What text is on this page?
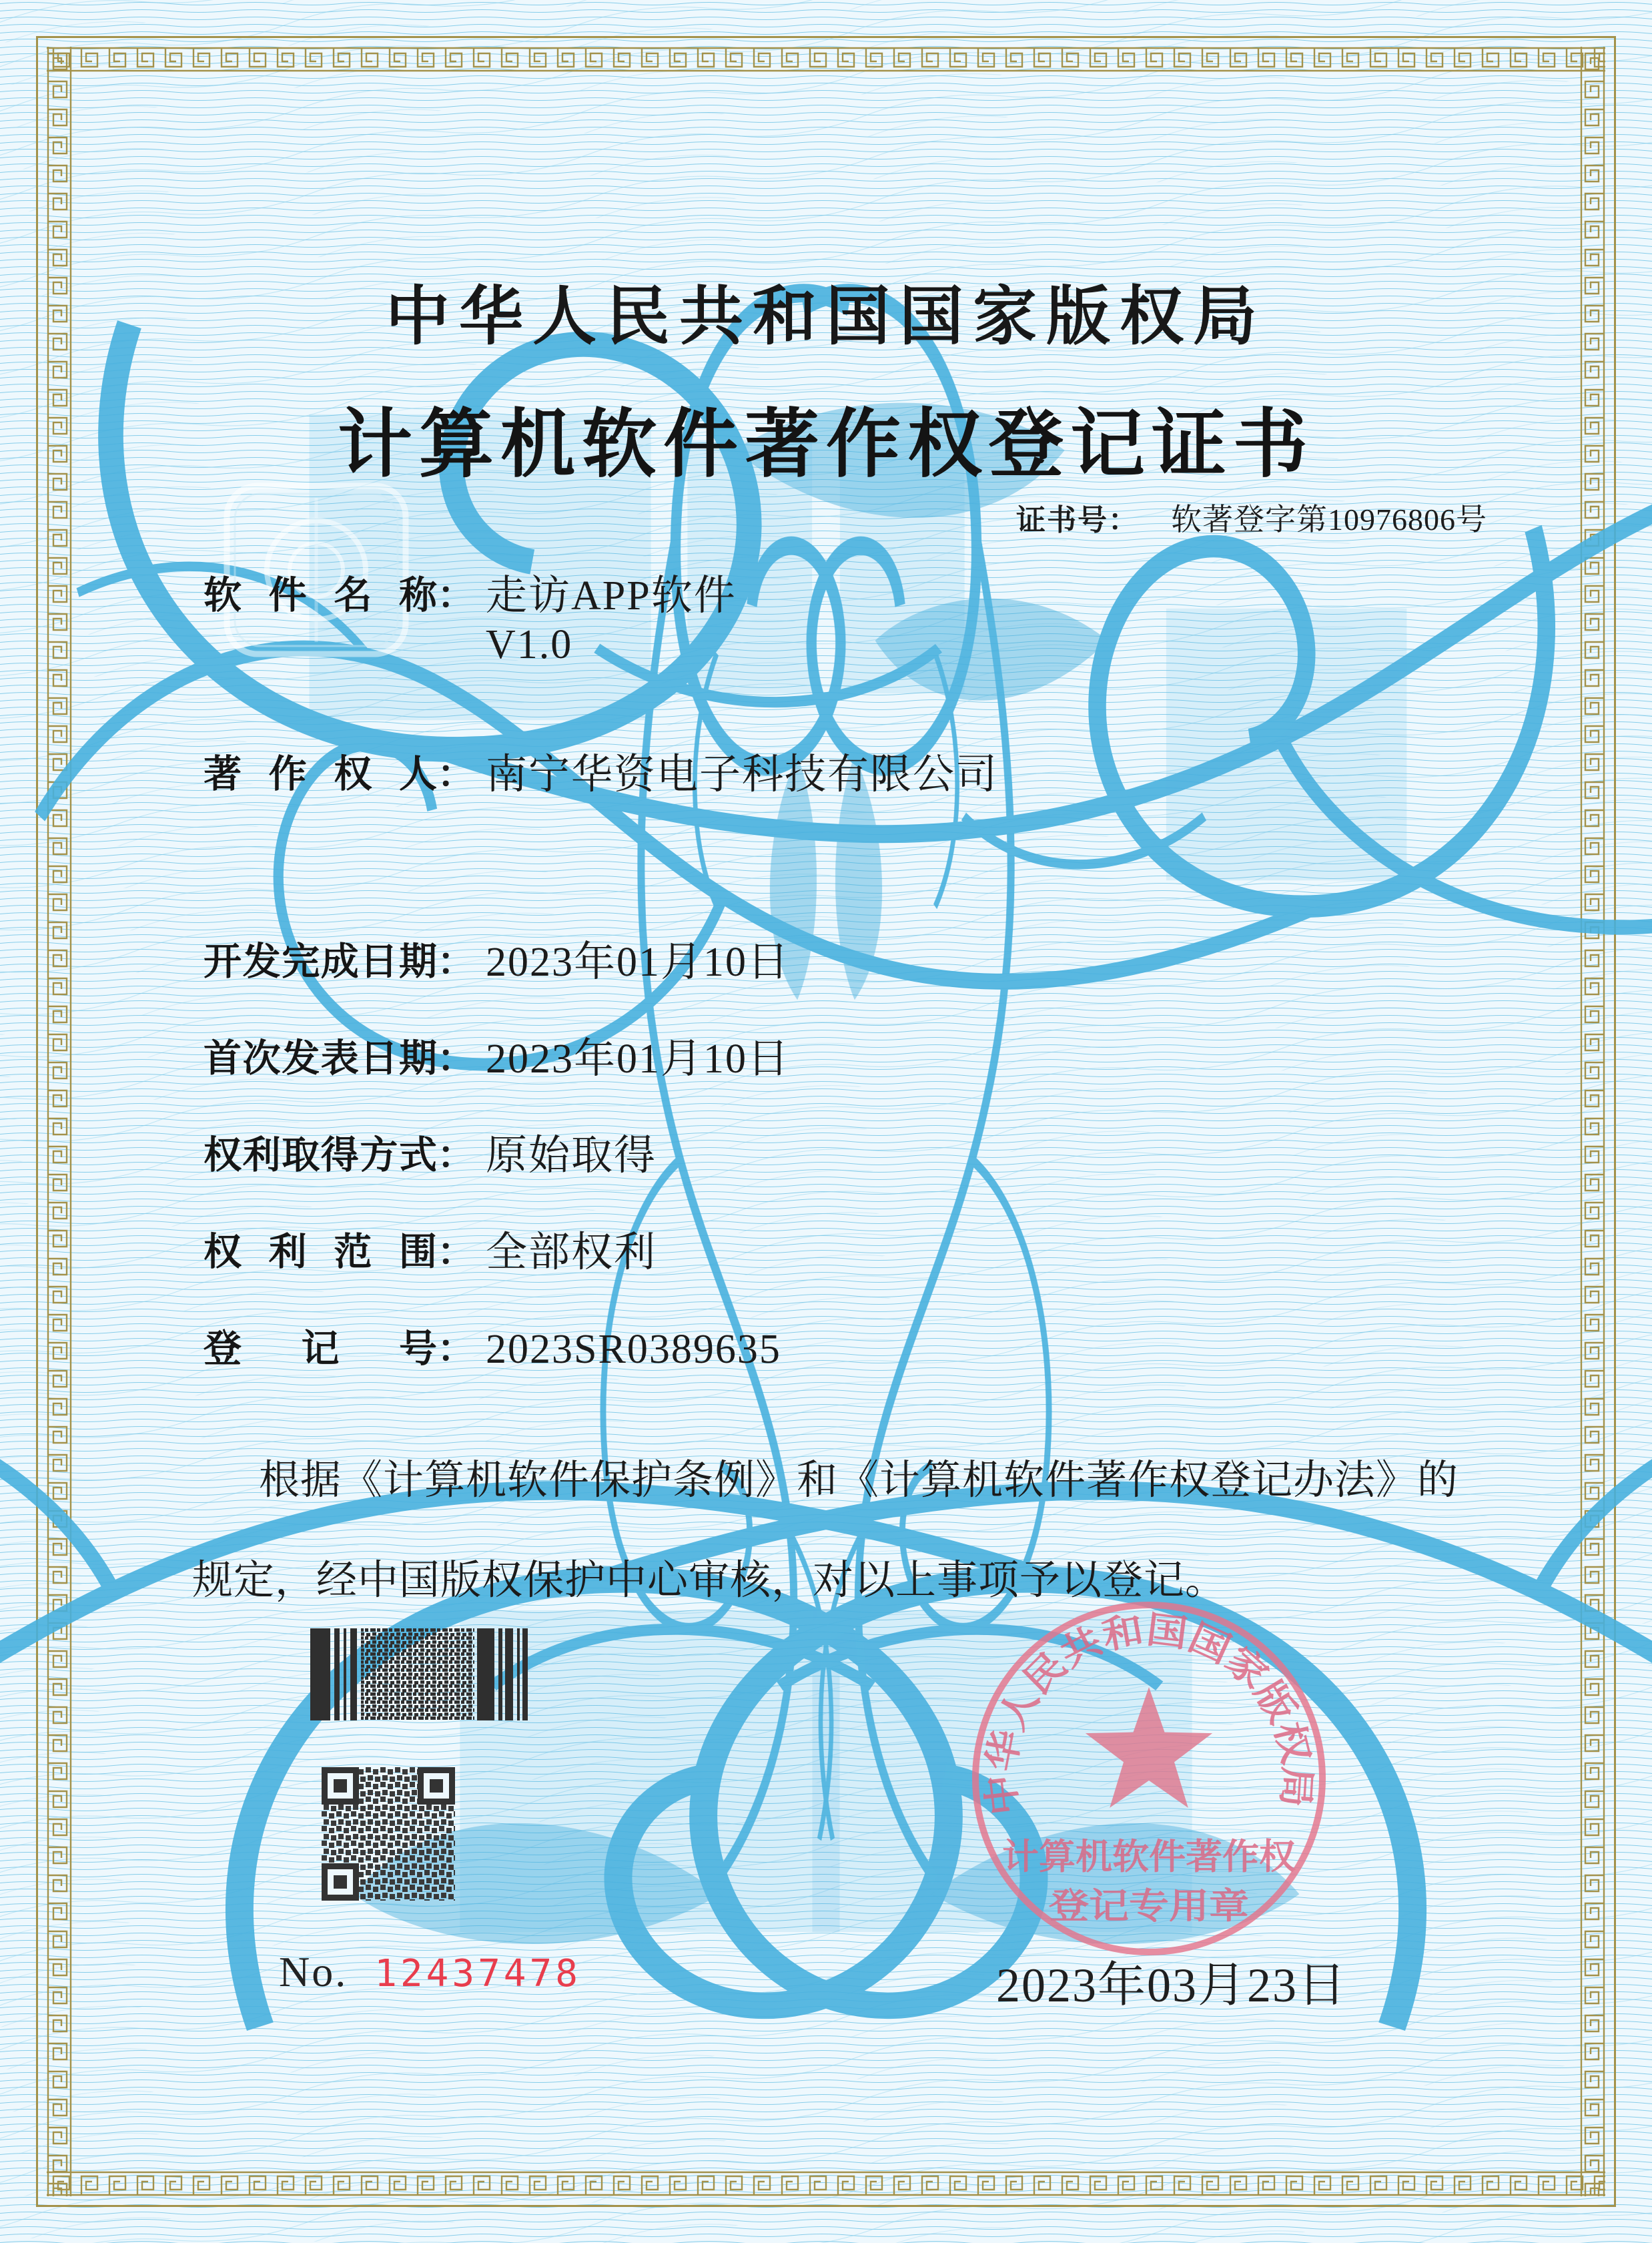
中华人民共和国国家版权局
计算机软件著作权
登记专用章
中华人民共和国国家版权局
计算机软件著作权登记证书
证书号： 软著登字第10976806号
软件名称 ： 走访APP软件
V1.0
著作权人 ： 南宁华资电子科技有限公司
开发完成日期 ： 2023年01月10日
首次发表日期 ： 2023年01月10日
权利取得方式 ： 原始取得
权利范围 ： 全部权利
登记号 ： 2023SR0389635
根据《计算机软件保护条例》和《计算机软件著作权登记办法》的
规定，经中国版权保护中心审核，对以上事项予以登记。
No. 12437478	2023年03月23日
